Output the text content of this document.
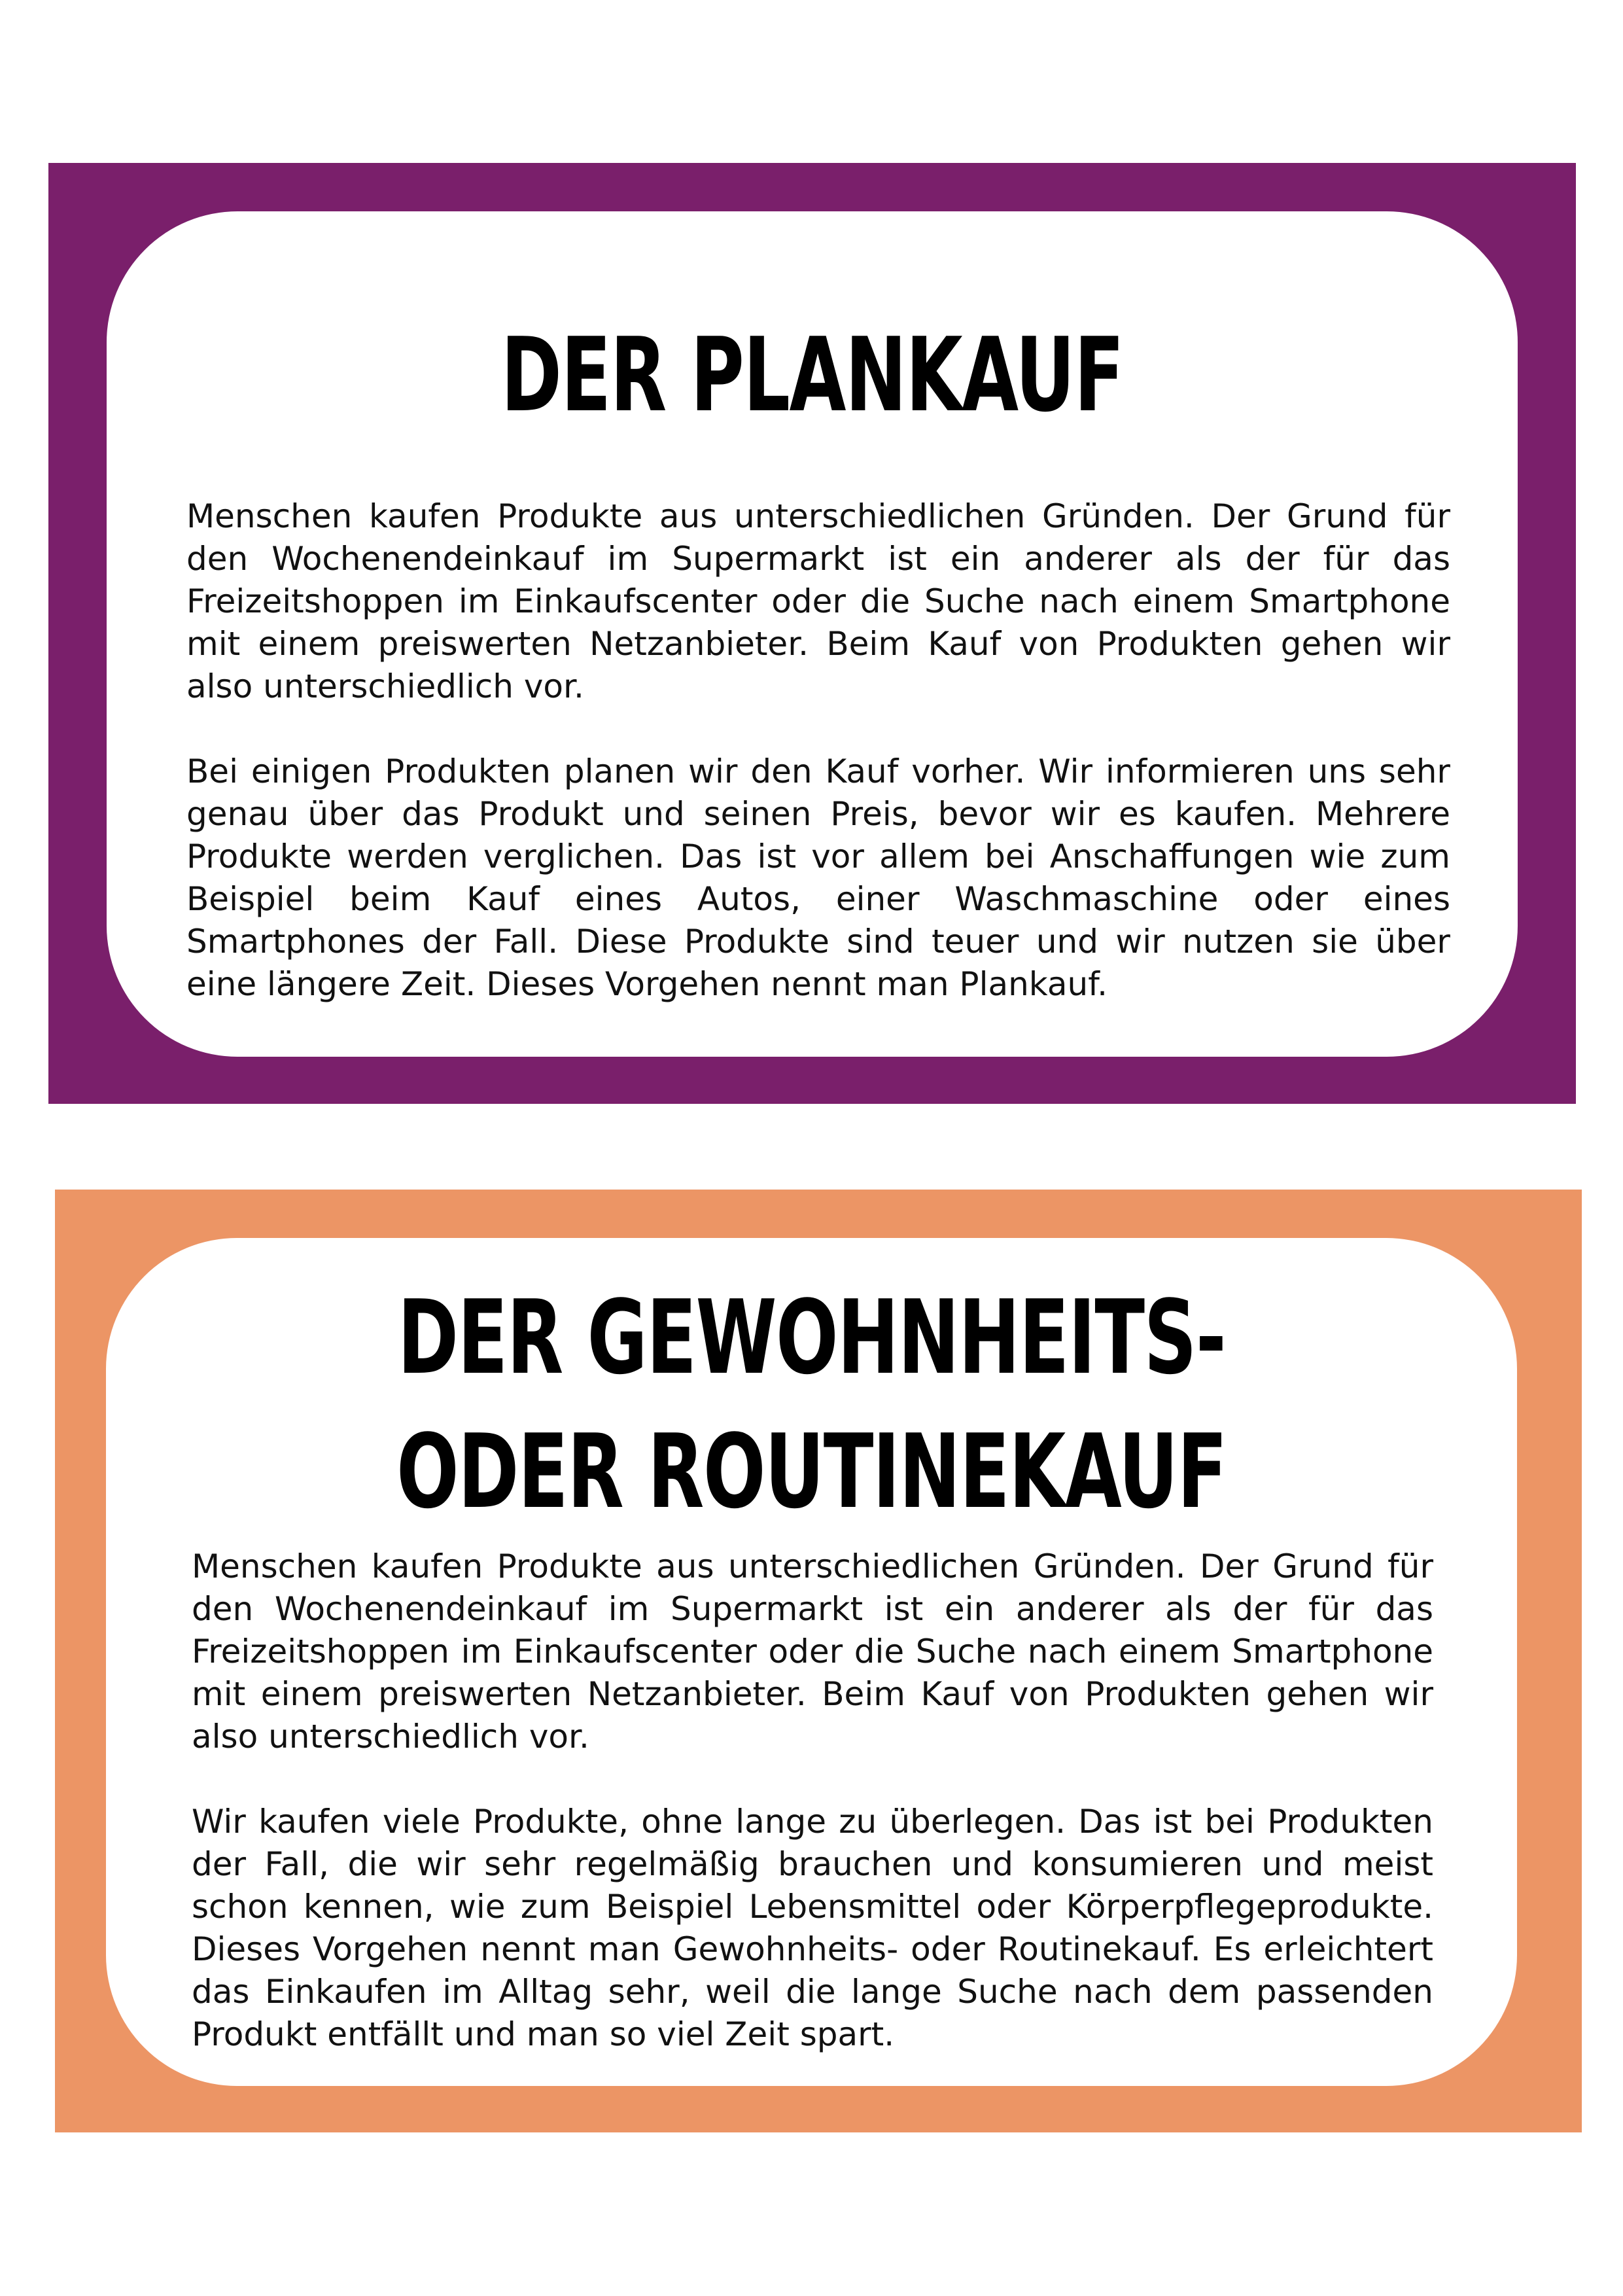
DER PLANKAUF

Menschen kaufen Produkte aus unterschiedlichen Gründen. Der Grund für den Wochenendeinkauf im Supermarkt ist ein anderer als der für das Freizeitshoppen im Einkaufscenter oder die Suche nach einem Smartphone mit einem preiswerten Netzanbieter. Beim Kauf von Produkten gehen wir also unterschiedlich vor.

Bei einigen Produkten planen wir den Kauf vorher. Wir informieren uns sehr genau über das Produkt und seinen Preis, bevor wir es kaufen. Mehrere Produkte werden verglichen. Das ist vor allem bei Anschaffungen wie zum Beispiel beim Kauf eines Autos, einer Waschmaschine oder eines Smartphones der Fall. Diese Produkte sind teuer und wir nutzen sie über eine längere Zeit. Dieses Vorgehen nennt man Plankauf.

DER GEWOHNHEITS- ODER ROUTINEKAUF

Menschen kaufen Produkte aus unterschiedlichen Gründen. Der Grund für den Wochenendeinkauf im Supermarkt ist ein anderer als der für das Freizeitshoppen im Einkaufscenter oder die Suche nach einem Smartphone mit einem preiswerten Netzanbieter. Beim Kauf von Produkten gehen wir also unterschiedlich vor.

Wir kaufen viele Produkte, ohne lange zu überlegen. Das ist bei Produkten der Fall, die wir sehr regelmäßig brauchen und konsumieren und meist schon kennen, wie zum Beispiel Lebensmittel oder Körperpflegeprodukte. Dieses Vorgehen nennt man Gewohnheits- oder Routinekauf. Es erleichtert das Einkaufen im Alltag sehr, weil die lange Suche nach dem passenden Produkt entfällt und man so viel Zeit spart.
